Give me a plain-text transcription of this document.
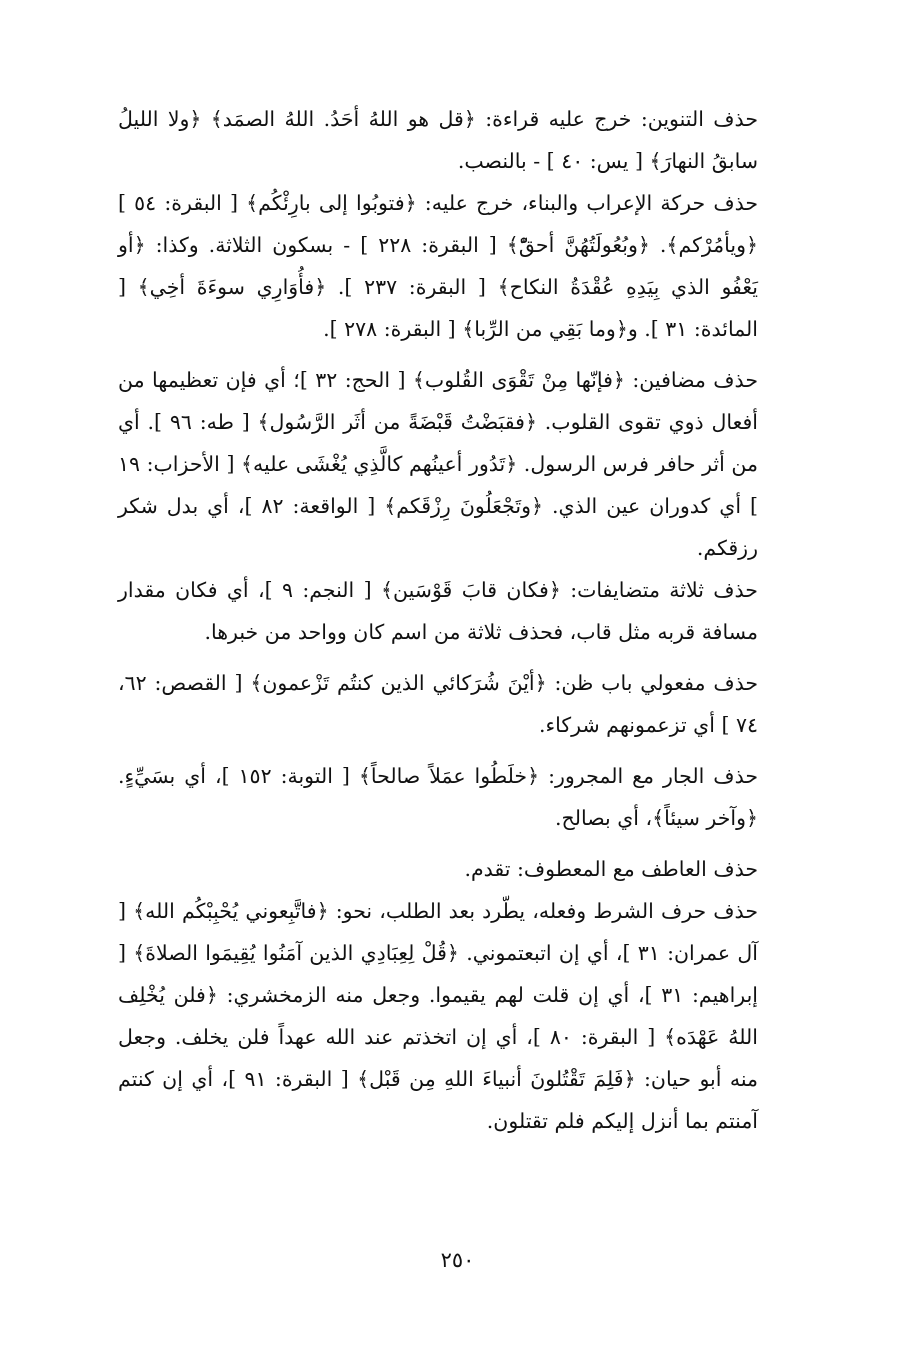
حذف التنوين: خرج عليه قراءة: ﴿قل هو اللهُ أحَدُ. اللهُ الصمَد﴾ ﴿ولا الليلُ سابقُ النهارَ﴾ [ يس: ٤٠ ] - بالنصب.

حذف حركة الإعراب والبناء، خرج عليه: ﴿فتوبُوا إلى بارِئْكُم﴾ [ البقرة: ٥٤ ] ﴿ويأمُرْكم﴾. ﴿وبُعُولَتُهُنَّ أحقّْ﴾ [ البقرة: ٢٢٨ ] - بسكون الثلاثة. وكذا: ﴿أو يَعْفُو الذي بِيَدِهِ عُقْدَةُ النكاح﴾ [ البقرة: ٢٣٧ ]. ﴿فأُوَارِي سوءَةَ أخِي﴾ [ المائدة: ٣١ ]. و﴿وما بَقِي من الرِّبا﴾ [ البقرة: ٢٧٨ ].

حذف مضافين: ﴿فإنّها مِنْ تَقْوَى القُلوب﴾ [ الحج: ٣٢ ]؛ أي فإن تعظيمها من أفعال ذوي تقوى القلوب. ﴿فقبَضْتُ قَبْضَةً من أثَر الرَّسُول﴾ [ طه: ٩٦ ]. أي من أثر حافر فرس الرسول. ﴿تَدُور أعينُهم كالَّذِي يُغْشَى عليه﴾ [ الأحزاب: ١٩ ] أي كدوران عين الذي. ﴿وتَجْعَلُونَ رِزْقَكم﴾ [ الواقعة: ٨٢ ]، أي بدل شكر رزقكم.

حذف ثلاثة متضايفات: ﴿فكان قابَ قَوْسَين﴾ [ النجم: ٩ ]، أي فكان مقدار مسافة قربه مثل قاب، فحذف ثلاثة من اسم كان وواحد من خبرها.

حذف مفعولي باب ظن: ﴿أيْنَ شُرَكائي الذين كنتُم تَزْعمون﴾ [ القصص: ٦٢، ٧٤ ] أي تزعمونهم شركاء.

حذف الجار مع المجرور: ﴿خلَطُوا عمَلاً صالحاً﴾ [ التوبة: ١٥٢ ]، أي بسَيِّءٍ. ﴿وآخر سيئاً﴾، أي بصالح.

حذف العاطف مع المعطوف: تقدم.

حذف حرف الشرط وفعله، يطّرد بعد الطلب، نحو: ﴿فاتَّبِعوني يُحْبِبْكُم الله﴾ [ آل عمران: ٣١ ]، أي إن اتبعتموني. ﴿قُلْ لِعِبَادِي الذين آمَنُوا يُقِيمَوا الصلاةَ﴾ [ إبراهيم: ٣١ ]، أي إن قلت لهم يقيموا. وجعل منه الزمخشري: ﴿فلن يُخْلِف اللهُ عَهْدَه﴾ [ البقرة: ٨٠ ]، أي إن اتخذتم عند الله عهداً فلن يخلف. وجعل منه أبو حيان: ﴿فَلِمَ تَقْتُلونَ أنبياءَ اللهِ مِن قَبْل﴾ [ البقرة: ٩١ ]، أي إن كنتم آمنتم بما أنزل إليكم فلم تقتلون.

٢٥٠
